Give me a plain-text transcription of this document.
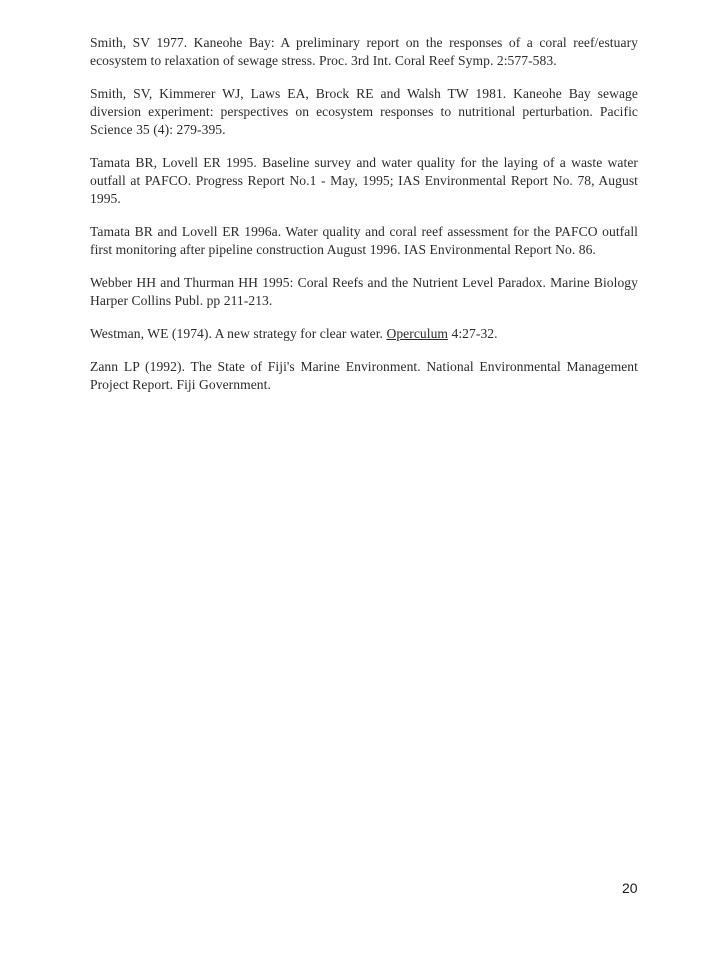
Smith, SV 1977. Kaneohe Bay: A preliminary report on the responses of a coral reef/estuary ecosystem to relaxation of sewage stress. Proc. 3rd Int. Coral Reef Symp. 2:577-583.

Smith, SV, Kimmerer WJ, Laws EA, Brock RE and Walsh TW 1981. Kaneohe Bay sewage diversion experiment: perspectives on ecosystem responses to nutritional perturbation. Pacific Science 35 (4): 279-395.

Tamata BR, Lovell ER 1995. Baseline survey and water quality for the laying of a waste water outfall at PAFCO. Progress Report No.1 - May, 1995; IAS Environmental Report No. 78, August 1995.

Tamata BR and Lovell ER 1996a. Water quality and coral reef assessment for the PAFCO outfall first monitoring after pipeline construction August 1996. IAS Environmental Report No. 86.

Webber HH and Thurman HH 1995: Coral Reefs and the Nutrient Level Paradox. Marine Biology Harper Collins Publ. pp 211-213.

Westman, WE (1974). A new strategy for clear water. Operculum 4:27-32.

Zann LP (1992). The State of Fiji's Marine Environment. National Environmental Management Project Report. Fiji Government.

20
